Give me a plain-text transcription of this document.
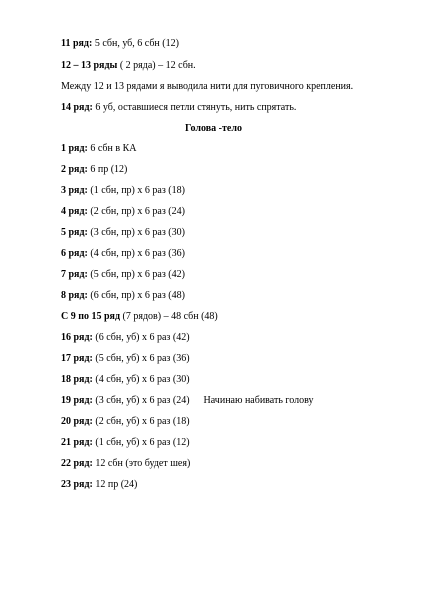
11 ряд: 5 сбн, уб, 6 сбн (12)
12 – 13 ряды ( 2 ряда) – 12 сбн.
Между 12 и 13 рядами я выводила нити для пуговичного крепления.
14 ряд: 6 уб, оставшиеся петли стянуть, нить спрятать.
Голова -тело
1 ряд: 6 сбн в КА
2 ряд: 6 пр (12)
3 ряд: (1 сбн, пр) х 6 раз (18)
4 ряд: (2 сбн, пр) х 6 раз (24)
5 ряд: (3 сбн, пр) х 6 раз (30)
6 ряд: (4 сбн, пр) х 6 раз (36)
7 ряд: (5 сбн, пр) х 6 раз (42)
8 ряд: (6 сбн, пр) х 6 раз (48)
С 9 по 15 ряд (7 рядов) – 48 сбн (48)
16 ряд: (6 сбн, уб) х 6 раз (42)
17 ряд: (5 сбн, уб) х 6 раз (36)
18 ряд: (4 сбн, уб) х 6 раз (30)
19 ряд: (3 сбн, уб) х 6 раз (24) Начинаю набивать голову
20 ряд: (2 сбн, уб) х 6 раз (18)
21 ряд: (1 сбн, уб) х 6 раз (12)
22 ряд: 12 сбн (это будет шея)
23 ряд: 12 пр (24)
